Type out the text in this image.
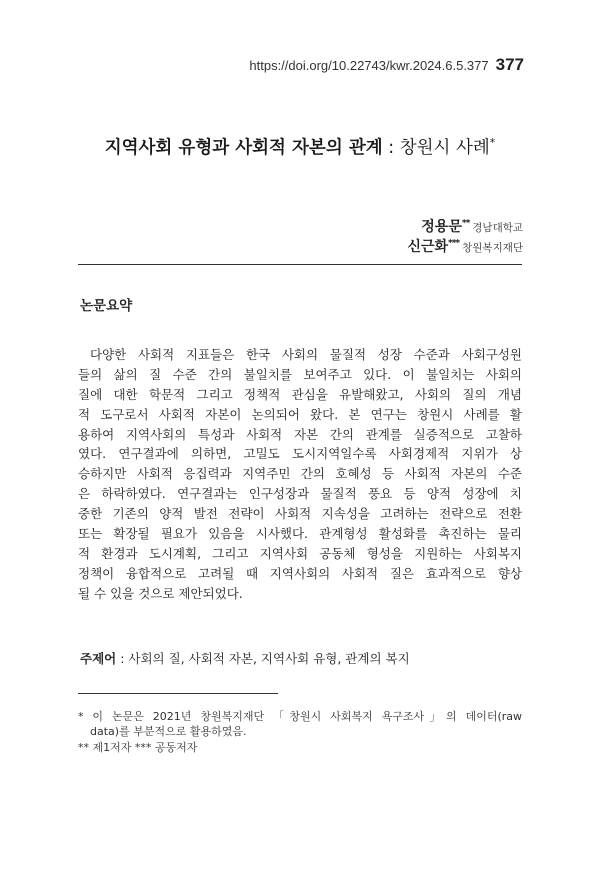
https://doi.org/10.22743/kwr.2024.6.5.377 377
지역사회 유형과 사회적 자본의 관계 : 창원시 사례*
정용문** 경남대학교
신근화*** 창원복지재단
논문요약
다양한 사회적 지표들은 한국 사회의 물질적 성장 수준과 사회구성원
들의 삶의 질 수준 간의 불일치를 보여주고 있다. 이 불일치는 사회의
질에 대한 학문적 그리고 정책적 관심을 유발해왔고, 사회의 질의 개념
적 도구로서 사회적 자본이 논의되어 왔다. 본 연구는 창원시 사례를 활
용하여 지역사회의 특성과 사회적 자본 간의 관계를 실증적으로 고찰하
였다. 연구결과에 의하면, 고밀도 도시지역일수록 사회경제적 지위가 상
승하지만 사회적 응집력과 지역주민 간의 호혜성 등 사회적 자본의 수준
은 하락하였다. 연구결과는 인구성장과 물질적 풍요 등 양적 성장에 치
중한 기존의 양적 발전 전략이 사회적 지속성을 고려하는 전략으로 전환
또는 확장될 필요가 있음을 시사했다. 관계형성 활성화를 촉진하는 물리
적 환경과 도시계획, 그리고 지역사회 공동체 형성을 지원하는 사회복지
정책이 융합적으로 고려될 때 지역사회의 사회적 질은 효과적으로 향상
될 수 있을 것으로 제안되었다.
주제어 : 사회의 질, 사회적 자본, 지역사회 유형, 관계의 복지
* 이 논문은 2021년 창원복지재단 「창원시 사회복지 욕구조사」의 데이터(raw
data)를 부분적으로 활용하였음.
** 제1저자 *** 공동저자
